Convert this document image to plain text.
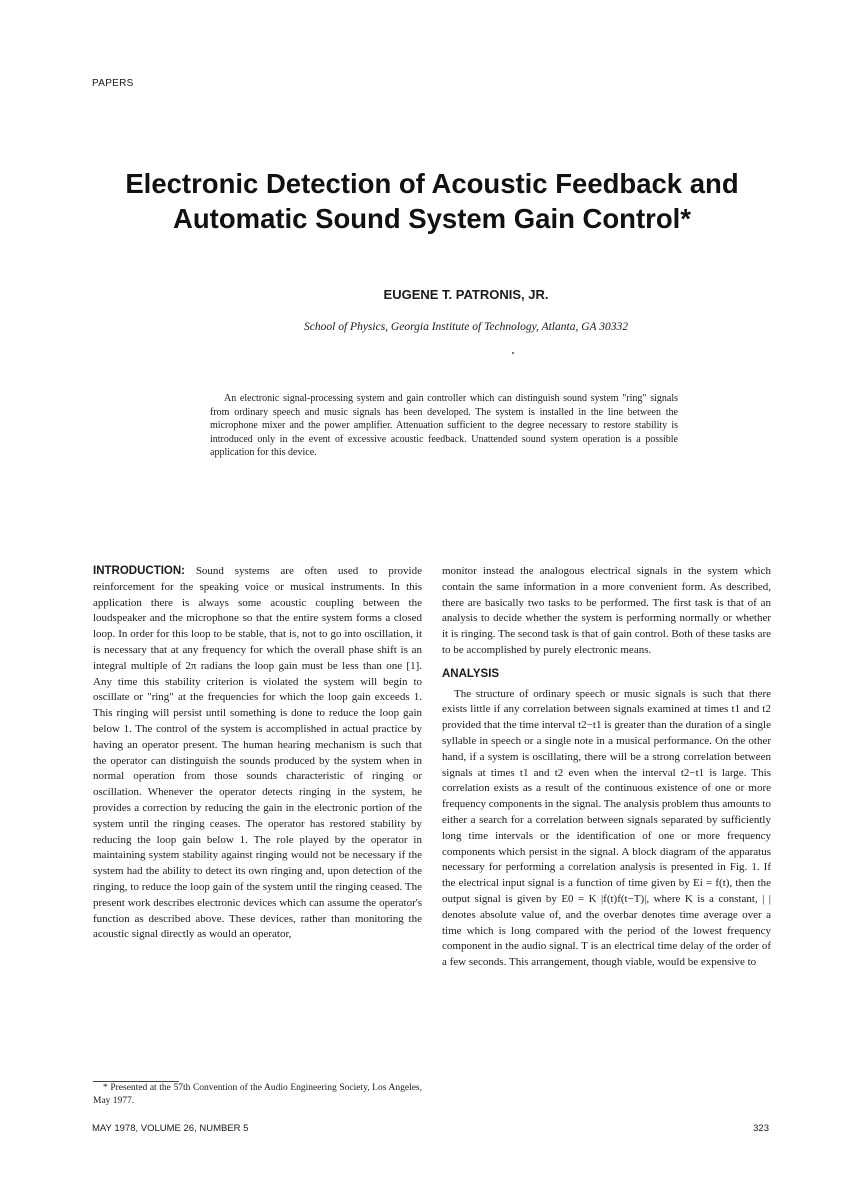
PAPERS
Electronic Detection of Acoustic Feedback and Automatic Sound System Gain Control*
EUGENE T. PATRONIS, JR.
School of Physics, Georgia Institute of Technology, Atlanta, GA 30332
An electronic signal-processing system and gain controller which can distinguish sound system "ring" signals from ordinary speech and music signals has been developed. The system is installed in the line between the microphone mixer and the power amplifier. Attenuation sufficient to the degree necessary to restore stability is introduced only in the event of excessive acoustic feedback. Unattended sound system operation is a possible application for this device.

INTRODUCTION: Sound systems are often used to provide reinforcement for the speaking voice or musical instruments. In this application there is always some acoustic coupling between the loudspeaker and the microphone so that the entire system forms a closed loop. In order for this loop to be stable, that is, not to go into oscillation, it is necessary that at any frequency for which the overall phase shift is an integral multiple of 2π radians the loop gain must be less than one [1]. Any time this stability criterion is violated the system will begin to oscillate or "ring" at the frequencies for which the loop gain exceeds 1. This ringing will persist until something is done to reduce the loop gain below 1. The control of the system is accomplished in actual practice by having an operator present. The human hearing mechanism is such that the operator can distinguish the sounds produced by the system when in normal operation from those sounds characteristic of ringing or oscillation. Whenever the operator detects ringing in the system, he provides a correction by reducing the gain in the electronic portion of the system until the ringing ceases. The operator has restored stability by reducing the loop gain below 1. The role played by the operator in maintaining system stability against ringing would not be necessary if the system had the ability to detect its own ringing and, upon detection of the ringing, to reduce the loop gain of the system until the ringing ceased. The present work describes electronic devices which can assume the operator's function as described above. These devices, rather than monitoring the acoustic signal directly as would an operator,

monitor instead the analogous electrical signals in the system which contain the same information in a more convenient form. As described, there are basically two tasks to be performed. The first task is that of an analysis to decide whether the system is performing normally or whether it is ringing. The second task is that of gain control. Both of these tasks are to be accomplished by purely electronic means.

ANALYSIS

The structure of ordinary speech or music signals is such that there exists little if any correlation between signals examined at times t1 and t2 provided that the time interval t2−t1 is greater than the duration of a single syllable in speech or a single note in a musical performance. On the other hand, if a system is oscillating, there will be a strong correlation between signals at times t1 and t2 even when the interval t2−t1 is large. This correlation exists as a result of the continuous existence of one or more frequency components in the signal. The analysis problem thus amounts to either a search for a correlation between signals separated by sufficiently long time intervals or the identification of one or more frequency components which persist in the signal. A block diagram of the apparatus necessary for performing a correlation analysis is presented in Fig. 1. If the electrical input signal is a function of time given by Ei = f(t), then the output signal is given by E0 = K |f(t)f(t−T)|, where K is a constant, | | denotes absolute value of, and the overbar denotes time average over a time which is long compared with the period of the lowest frequency component in the audio signal. T is an electrical time delay of the order of a few seconds. This arrangement, though viable, would be expensive to

* Presented at the 57th Convention of the Audio Engineering Society, Los Angeles, May 1977.
MAY 1978, VOLUME 26, NUMBER 5	323
